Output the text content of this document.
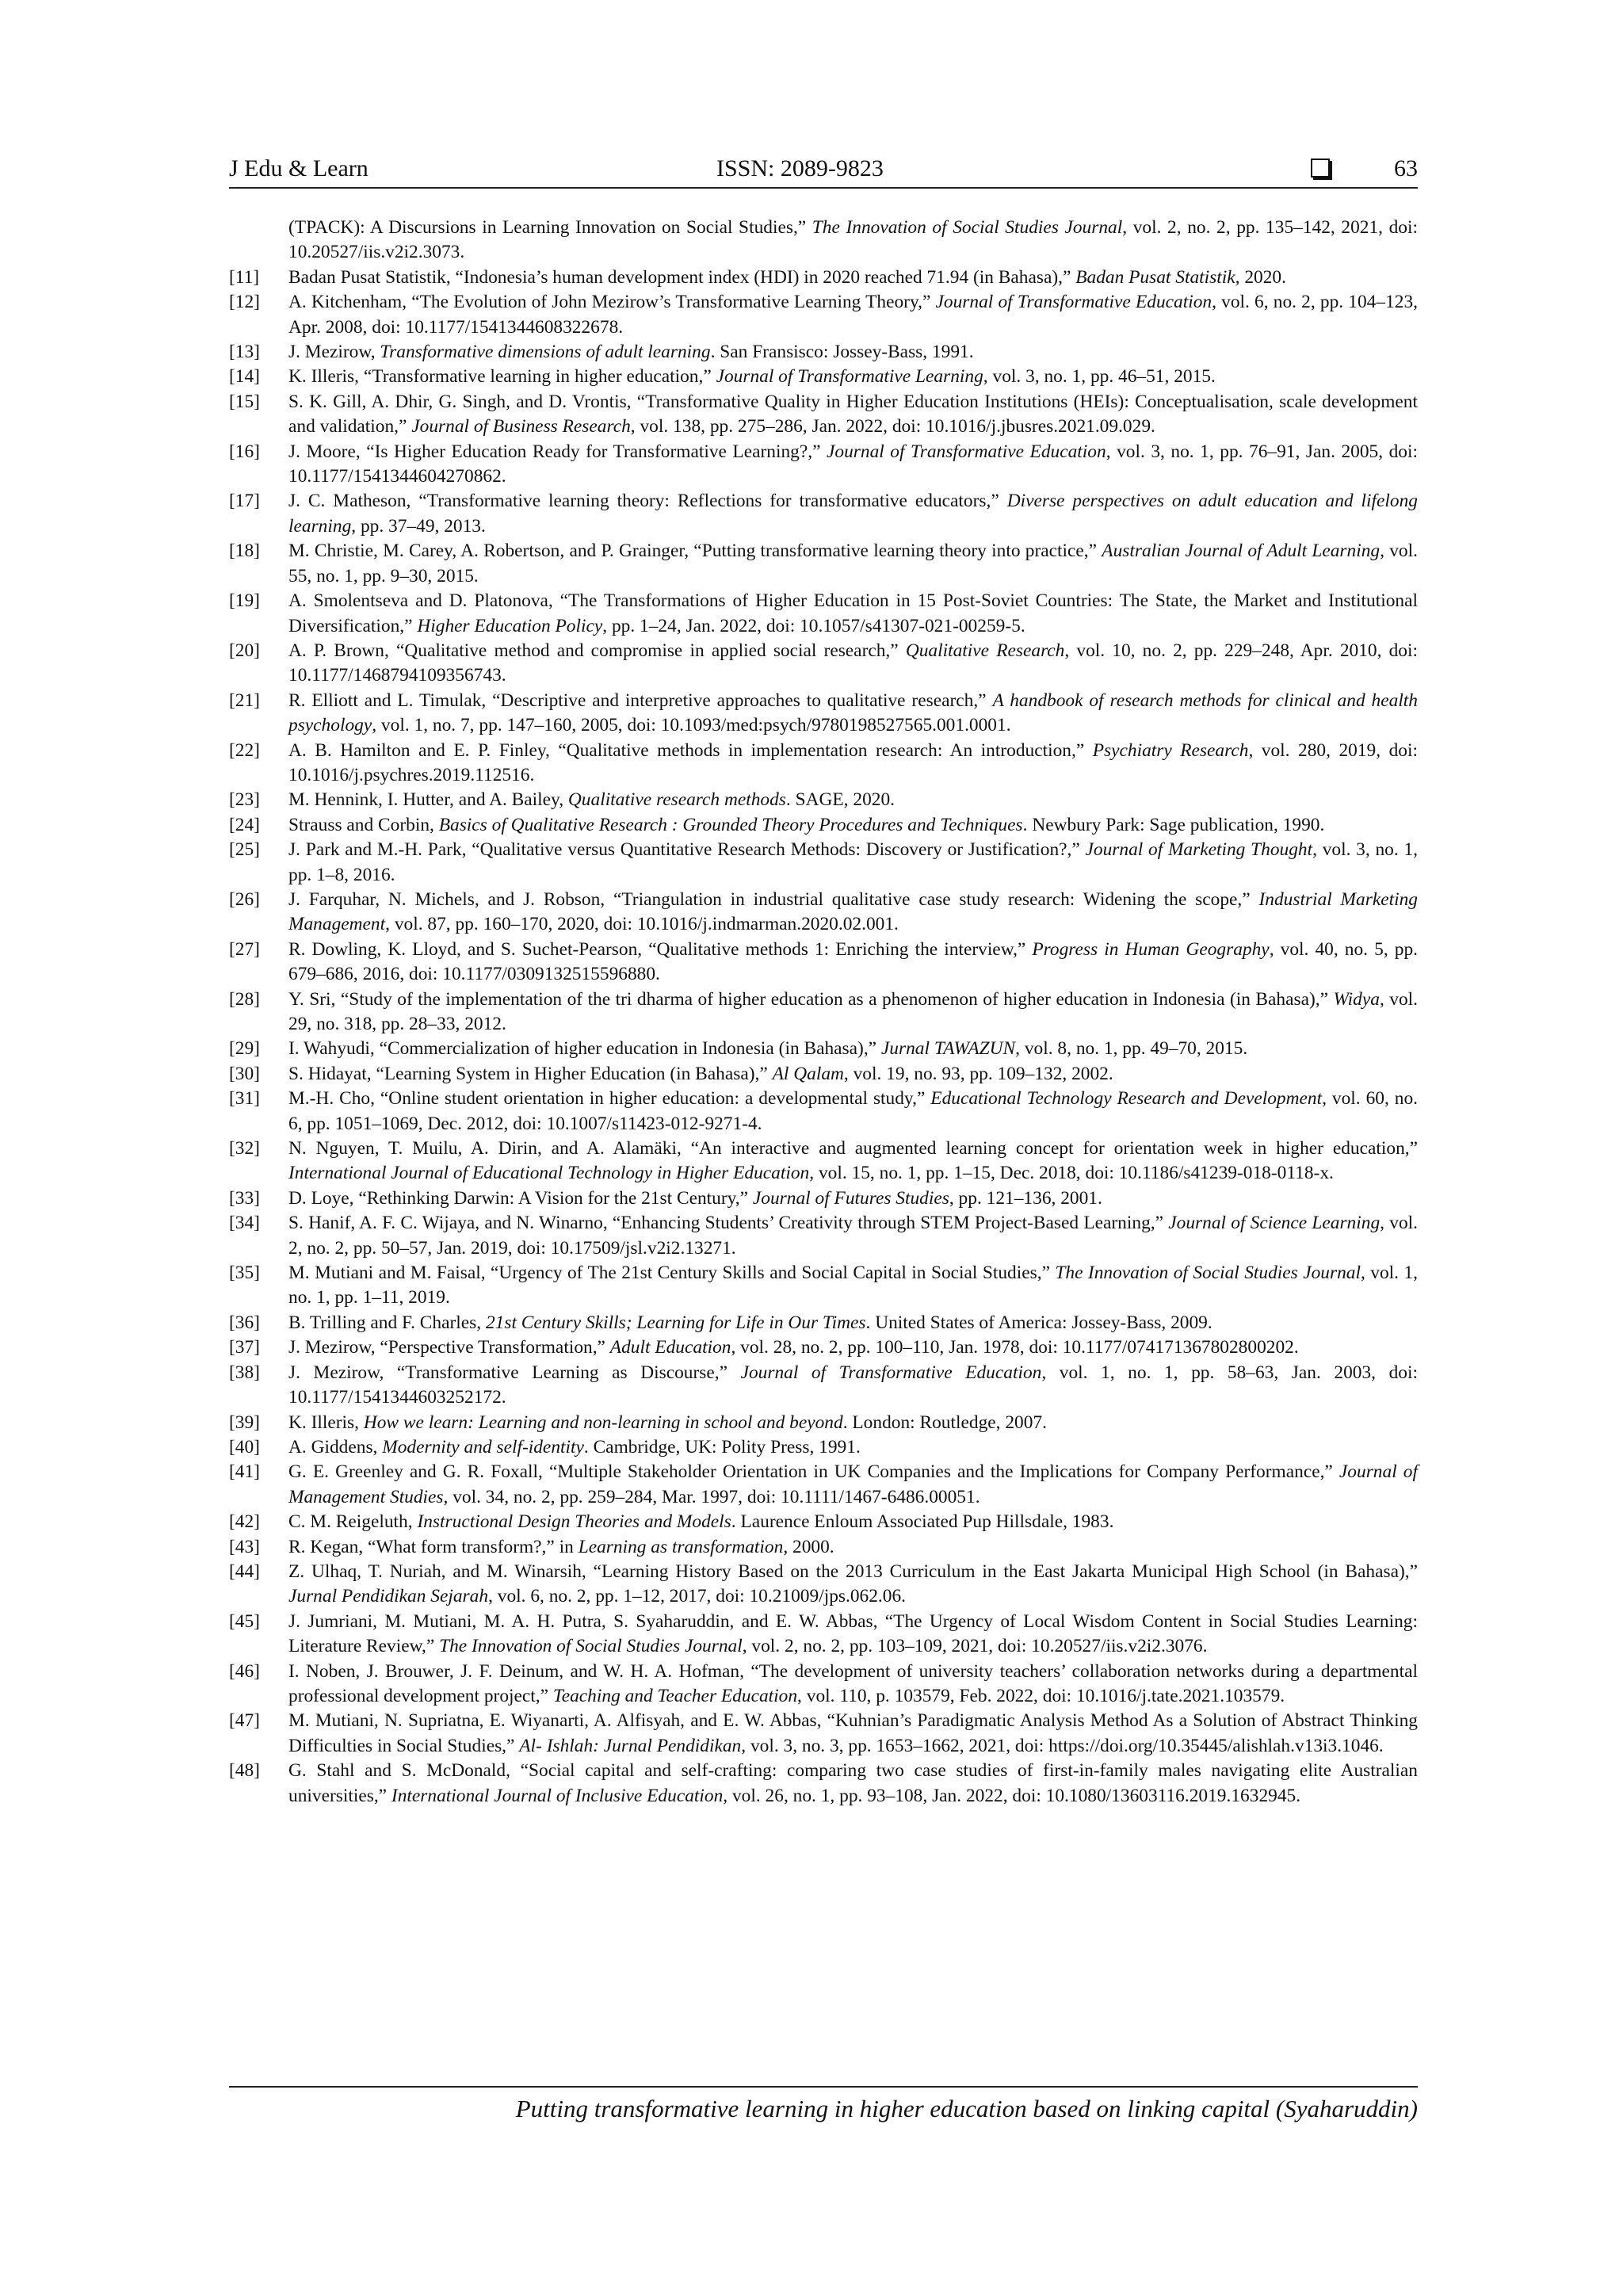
J Edu & Learn	ISSN: 2089-9823	63
(TPACK): A Discursions in Learning Innovation on Social Studies,” The Innovation of Social Studies Journal, vol. 2, no. 2, pp. 135–142, 2021, doi: 10.20527/iis.v2i2.3073.
[11]	Badan Pusat Statistik, “Indonesia’s human development index (HDI) in 2020 reached 71.94 (in Bahasa),” Badan Pusat Statistik, 2020.
[12]	A. Kitchenham, “The Evolution of John Mezirow’s Transformative Learning Theory,” Journal of Transformative Education, vol. 6, no. 2, pp. 104–123, Apr. 2008, doi: 10.1177/1541344608322678.
[13]	J. Mezirow, Transformative dimensions of adult learning. San Fransisco: Jossey-Bass, 1991.
[14]	K. Illeris, “Transformative learning in higher education,” Journal of Transformative Learning, vol. 3, no. 1, pp. 46–51, 2015.
[15]	S. K. Gill, A. Dhir, G. Singh, and D. Vrontis, “Transformative Quality in Higher Education Institutions (HEIs): Conceptualisation, scale development and validation,” Journal of Business Research, vol. 138, pp. 275–286, Jan. 2022, doi: 10.1016/j.jbusres.2021.09.029.
[16]	J. Moore, “Is Higher Education Ready for Transformative Learning?,” Journal of Transformative Education, vol. 3, no. 1, pp. 76–91, Jan. 2005, doi: 10.1177/1541344604270862.
[17]	J. C. Matheson, “Transformative learning theory: Reflections for transformative educators,” Diverse perspectives on adult education and lifelong learning, pp. 37–49, 2013.
[18]	M. Christie, M. Carey, A. Robertson, and P. Grainger, “Putting transformative learning theory into practice,” Australian Journal of Adult Learning, vol. 55, no. 1, pp. 9–30, 2015.
[19]	A. Smolentseva and D. Platonova, “The Transformations of Higher Education in 15 Post-Soviet Countries: The State, the Market and Institutional Diversification,” Higher Education Policy, pp. 1–24, Jan. 2022, doi: 10.1057/s41307-021-00259-5.
[20]	A. P. Brown, “Qualitative method and compromise in applied social research,” Qualitative Research, vol. 10, no. 2, pp. 229–248, Apr. 2010, doi: 10.1177/1468794109356743.
[21]	R. Elliott and L. Timulak, “Descriptive and interpretive approaches to qualitative research,” A handbook of research methods for clinical and health psychology, vol. 1, no. 7, pp. 147–160, 2005, doi: 10.1093/med:psych/9780198527565.001.0001.
[22]	A. B. Hamilton and E. P. Finley, “Qualitative methods in implementation research: An introduction,” Psychiatry Research, vol. 280, 2019, doi: 10.1016/j.psychres.2019.112516.
[23]	M. Hennink, I. Hutter, and A. Bailey, Qualitative research methods. SAGE, 2020.
[24]	Strauss and Corbin, Basics of Qualitative Research : Grounded Theory Procedures and Techniques. Newbury Park: Sage publication, 1990.
[25]	J. Park and M.-H. Park, “Qualitative versus Quantitative Research Methods: Discovery or Justification?,” Journal of Marketing Thought, vol. 3, no. 1, pp. 1–8, 2016.
[26]	J. Farquhar, N. Michels, and J. Robson, “Triangulation in industrial qualitative case study research: Widening the scope,” Industrial Marketing Management, vol. 87, pp. 160–170, 2020, doi: 10.1016/j.indmarman.2020.02.001.
[27]	R. Dowling, K. Lloyd, and S. Suchet-Pearson, “Qualitative methods 1: Enriching the interview,” Progress in Human Geography, vol. 40, no. 5, pp. 679–686, 2016, doi: 10.1177/0309132515596880.
[28]	Y. Sri, “Study of the implementation of the tri dharma of higher education as a phenomenon of higher education in Indonesia (in Bahasa),” Widya, vol. 29, no. 318, pp. 28–33, 2012.
[29]	I. Wahyudi, “Commercialization of higher education in Indonesia (in Bahasa),” Jurnal TAWAZUN, vol. 8, no. 1, pp. 49–70, 2015.
[30]	S. Hidayat, “Learning System in Higher Education (in Bahasa),” Al Qalam, vol. 19, no. 93, pp. 109–132, 2002.
[31]	M.-H. Cho, “Online student orientation in higher education: a developmental study,” Educational Technology Research and Development, vol. 60, no. 6, pp. 1051–1069, Dec. 2012, doi: 10.1007/s11423-012-9271-4.
[32]	N. Nguyen, T. Muilu, A. Dirin, and A. Alamäki, “An interactive and augmented learning concept for orientation week in higher education,” International Journal of Educational Technology in Higher Education, vol. 15, no. 1, pp. 1–15, Dec. 2018, doi: 10.1186/s41239-018-0118-x.
[33]	D. Loye, “Rethinking Darwin: A Vision for the 21st Century,” Journal of Futures Studies, pp. 121–136, 2001.
[34]	S. Hanif, A. F. C. Wijaya, and N. Winarno, “Enhancing Students’ Creativity through STEM Project-Based Learning,” Journal of Science Learning, vol. 2, no. 2, pp. 50–57, Jan. 2019, doi: 10.17509/jsl.v2i2.13271.
[35]	M. Mutiani and M. Faisal, “Urgency of The 21st Century Skills and Social Capital in Social Studies,” The Innovation of Social Studies Journal, vol. 1, no. 1, pp. 1–11, 2019.
[36]	B. Trilling and F. Charles, 21st Century Skills; Learning for Life in Our Times. United States of America: Jossey-Bass, 2009.
[37]	J. Mezirow, “Perspective Transformation,” Adult Education, vol. 28, no. 2, pp. 100–110, Jan. 1978, doi: 10.1177/074171367802800202.
[38]	J. Mezirow, “Transformative Learning as Discourse,” Journal of Transformative Education, vol. 1, no. 1, pp. 58–63, Jan. 2003, doi: 10.1177/1541344603252172.
[39]	K. Illeris, How we learn: Learning and non-learning in school and beyond. London: Routledge, 2007.
[40]	A. Giddens, Modernity and self-identity. Cambridge, UK: Polity Press, 1991.
[41]	G. E. Greenley and G. R. Foxall, “Multiple Stakeholder Orientation in UK Companies and the Implications for Company Performance,” Journal of Management Studies, vol. 34, no. 2, pp. 259–284, Mar. 1997, doi: 10.1111/1467-6486.00051.
[42]	C. M. Reigeluth, Instructional Design Theories and Models. Laurence Enloum Associated Pup Hillsdale, 1983.
[43]	R. Kegan, “What form transform?,” in Learning as transformation, 2000.
[44]	Z. Ulhaq, T. Nuriah, and M. Winarsih, “Learning History Based on the 2013 Curriculum in the East Jakarta Municipal High School (in Bahasa),” Jurnal Pendidikan Sejarah, vol. 6, no. 2, pp. 1–12, 2017, doi: 10.21009/jps.062.06.
[45]	J. Jumriani, M. Mutiani, M. A. H. Putra, S. Syaharuddin, and E. W. Abbas, “The Urgency of Local Wisdom Content in Social Studies Learning: Literature Review,” The Innovation of Social Studies Journal, vol. 2, no. 2, pp. 103–109, 2021, doi: 10.20527/iis.v2i2.3076.
[46]	I. Noben, J. Brouwer, J. F. Deinum, and W. H. A. Hofman, “The development of university teachers’ collaboration networks during a departmental professional development project,” Teaching and Teacher Education, vol. 110, p. 103579, Feb. 2022, doi: 10.1016/j.tate.2021.103579.
[47]	M. Mutiani, N. Supriatna, E. Wiyanarti, A. Alfisyah, and E. W. Abbas, “Kuhnian’s Paradigmatic Analysis Method As a Solution of Abstract Thinking Difficulties in Social Studies,” Al- Ishlah: Jurnal Pendidikan, vol. 3, no. 3, pp. 1653–1662, 2021, doi: https://doi.org/10.35445/alishlah.v13i3.1046.
[48]	G. Stahl and S. McDonald, “Social capital and self-crafting: comparing two case studies of first-in-family males navigating elite Australian universities,” International Journal of Inclusive Education, vol. 26, no. 1, pp. 93–108, Jan. 2022, doi: 10.1080/13603116.2019.1632945.
Putting transformative learning in higher education based on linking capital (Syaharuddin)
